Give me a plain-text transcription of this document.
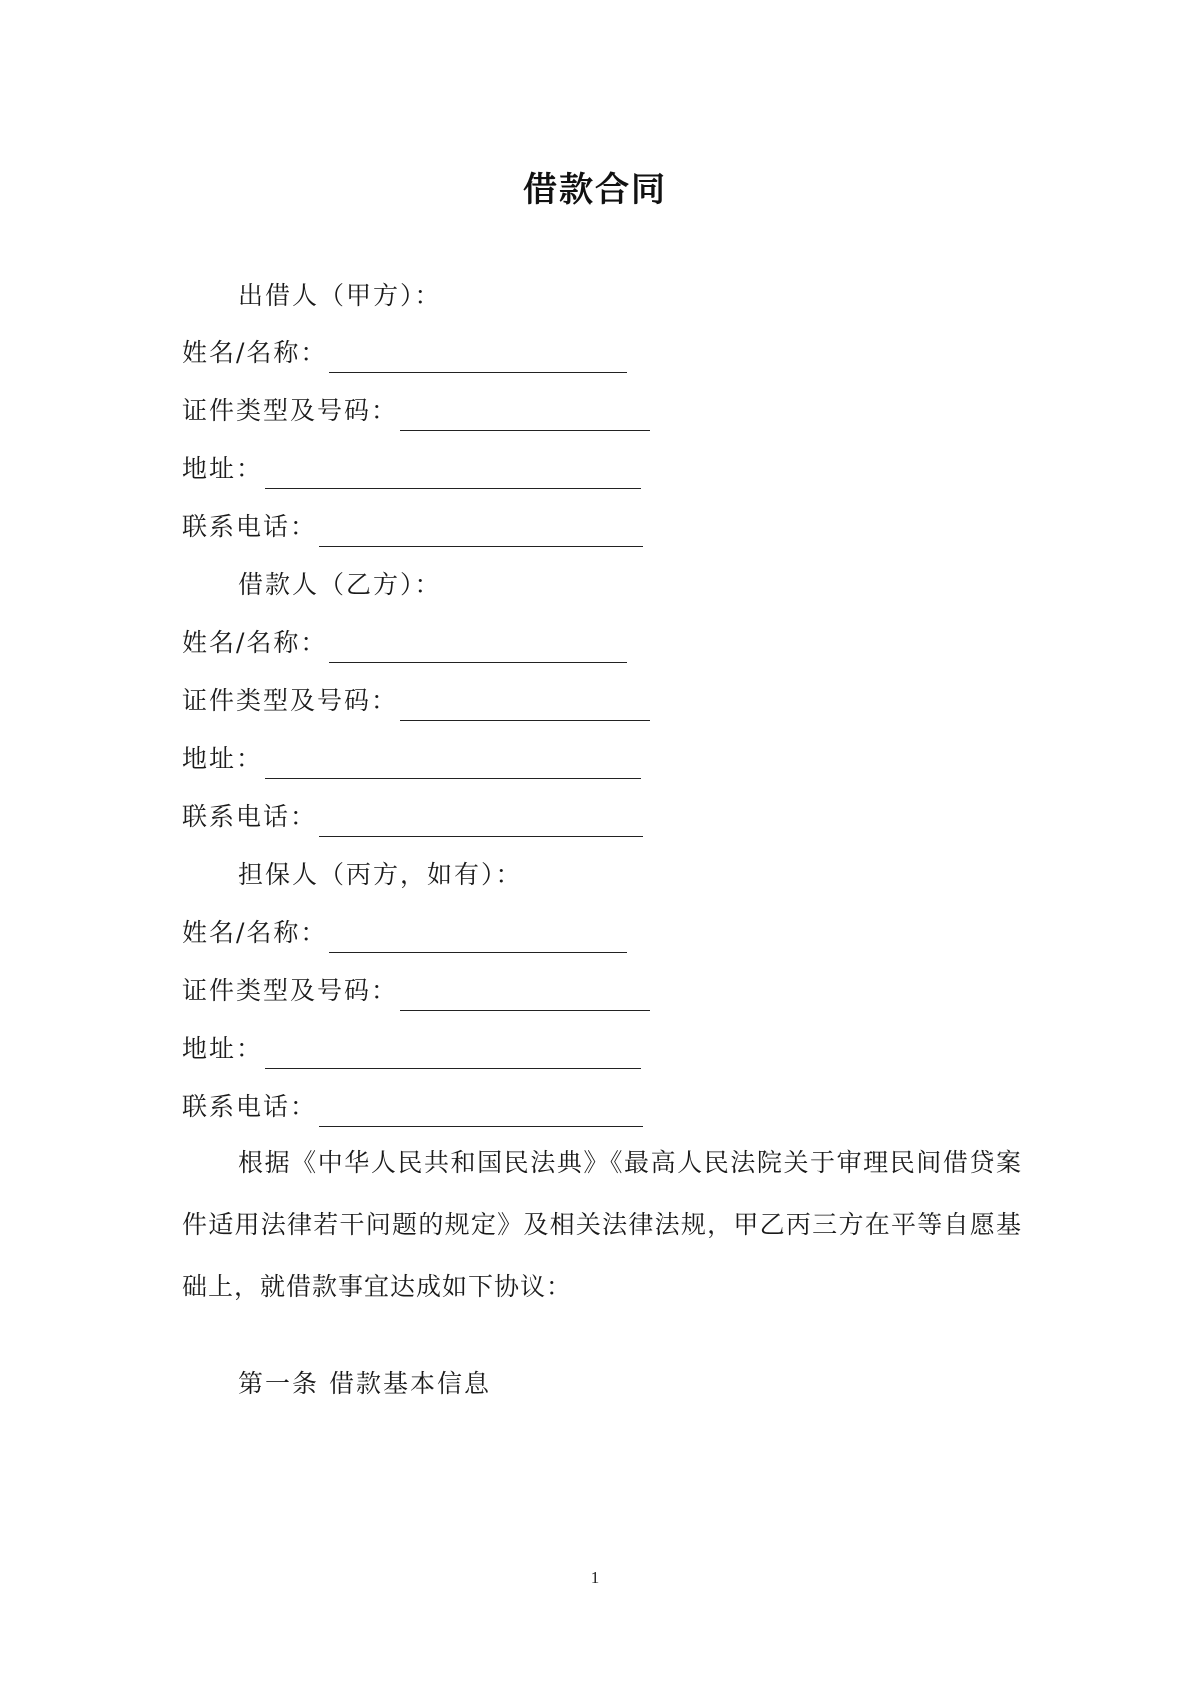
借款合同
出借人（甲方）：
姓名/名称：
证件类型及号码：
地址：
联系电话：
借款人（乙方）：
姓名/名称：
证件类型及号码：
地址：
联系电话：
担保人（丙方，如有）：
姓名/名称：
证件类型及号码：
地址：
联系电话：
根据《中华人民共和国民法典》《最高人民法院关于审理民间借贷案件适用法律若干问题的规定》及相关法律法规，甲乙丙三方在平等自愿基础上，就借款事宜达成如下协议：
第一条 借款基本信息
1
